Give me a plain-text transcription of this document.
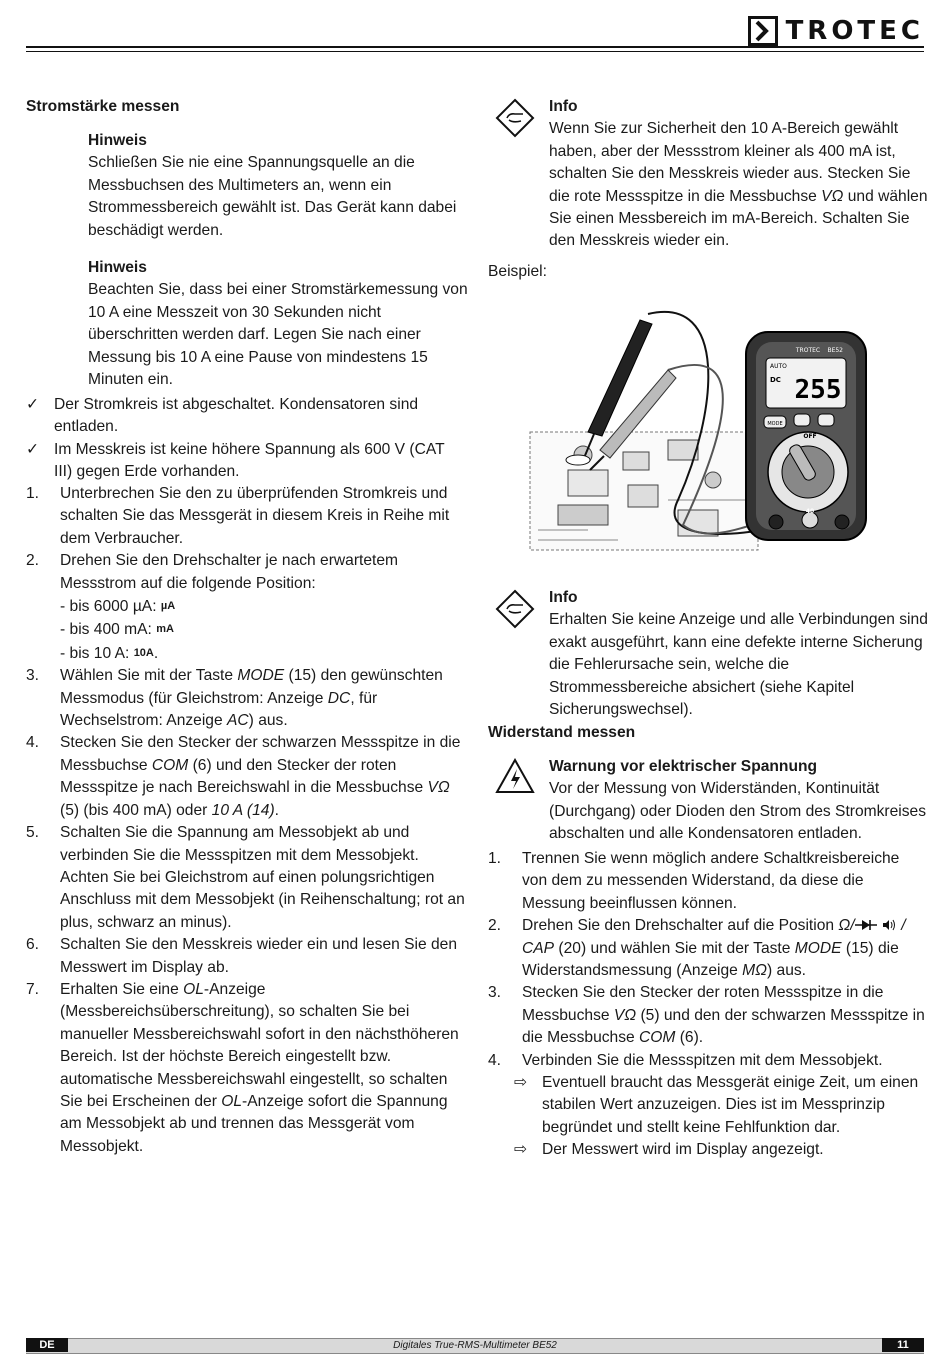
TROTEC
Stromstärke messen
Hinweis
Schließen Sie nie eine Spannungsquelle an die Messbuchsen des Multimeters an, wenn ein Strommessbereich gewählt ist. Das Gerät kann dabei beschädigt werden.
Hinweis
Beachten Sie, dass bei einer Stromstärkemessung von 10 A eine Messzeit von 30 Sekunden nicht überschritten werden darf. Legen Sie nach einer Messung bis 10 A eine Pause von mindestens 15 Minuten ein.
✓ Der Stromkreis ist abgeschaltet. Kondensatoren sind entladen.
✓ Im Messkreis ist keine höhere Spannung als 600 V (CAT III) gegen Erde vorhanden.
1.	Unterbrechen Sie den zu überprüfenden Stromkreis und schalten Sie das Messgerät in diesem Kreis in Reihe mit dem Verbraucher.
2.	Drehen Sie den Drehschalter je nach erwartetem Messstrom auf die folgende Position:
- bis 6000 µA: µA
- bis 400 mA: mA
- bis 10 A: 10A.
3.	Wählen Sie mit der Taste MODE (15) den gewünschten Messmodus (für Gleichstrom: Anzeige DC, für Wechselstrom: Anzeige AC) aus.
4.	Stecken Sie den Stecker der schwarzen Messspitze in die Messbuchse COM (6) und den Stecker der roten Messspitze je nach Bereichswahl in die Messbuchse VΩ (5) (bis 400 mA) oder 10 A (14).
5.	Schalten Sie die Spannung am Messobjekt ab und verbinden Sie die Messspitzen mit dem Messobjekt. Achten Sie bei Gleichstrom auf einen polungsrichtigen Anschluss mit dem Messobjekt (in Reihenschaltung; rot an plus, schwarz an minus).
6.	Schalten Sie den Messkreis wieder ein und lesen Sie den Messwert im Display ab.
7.	Erhalten Sie eine OL-Anzeige (Messbereichsüberschreitung), so schalten Sie bei manueller Messbereichswahl sofort in den nächsthöheren Bereich. Ist der höchste Bereich eingestellt bzw. automatische Messbereichswahl eingestellt, so schalten Sie bei Erscheinen der OL-Anzeige sofort die Spannung am Messobjekt ab und trennen das Messgerät vom Messobjekt.
Info
Wenn Sie zur Sicherheit den 10 A-Bereich gewählt haben, aber der Messstrom kleiner als 400 mA ist, schalten Sie den Messkreis wieder aus. Stecken Sie die rote Messspitze in die Messbuchse VΩ und wählen Sie einen Messbereich im mA-Bereich. Schalten Sie den Messkreis wieder ein.
Beispiel:
TROTEC BE52
AUTO
DC 255
MODE
OFF
40
Info
Erhalten Sie keine Anzeige und alle Verbindungen sind exakt ausgeführt, kann eine defekte interne Sicherung die Fehlerursache sein, welche die Strommessbereiche absichert (siehe Kapitel Sicherungswechsel).
Widerstand messen
Warnung vor elektrischer Spannung
Vor der Messung von Widerständen, Kontinuität (Durchgang) oder Dioden den Strom des Stromkreises abschalten und alle Kondensatoren entladen.
1.	Trennen Sie wenn möglich andere Schaltkreisbereiche von dem zu messenden Widerstand, da diese die Messung beeinflussen können.
2.	Drehen Sie den Drehschalter auf die Position Ω/	/ CAP (20) und wählen Sie mit der Taste MODE (15) die Widerstandsmessung (Anzeige MΩ) aus.
3.	Stecken Sie den Stecker der roten Messspitze in die Messbuchse VΩ (5) und den der schwarzen Messspitze in die Messbuchse COM (6).
4.	Verbinden Sie die Messspitzen mit dem Messobjekt.
⇨ Eventuell braucht das Messgerät einige Zeit, um einen stabilen Wert anzuzeigen. Dies ist im Messprinzip begründet und stellt keine Fehlfunktion dar.
⇨ Der Messwert wird im Display angezeigt.
Digitales True-RMS-Multimeter BE52
DE	11
